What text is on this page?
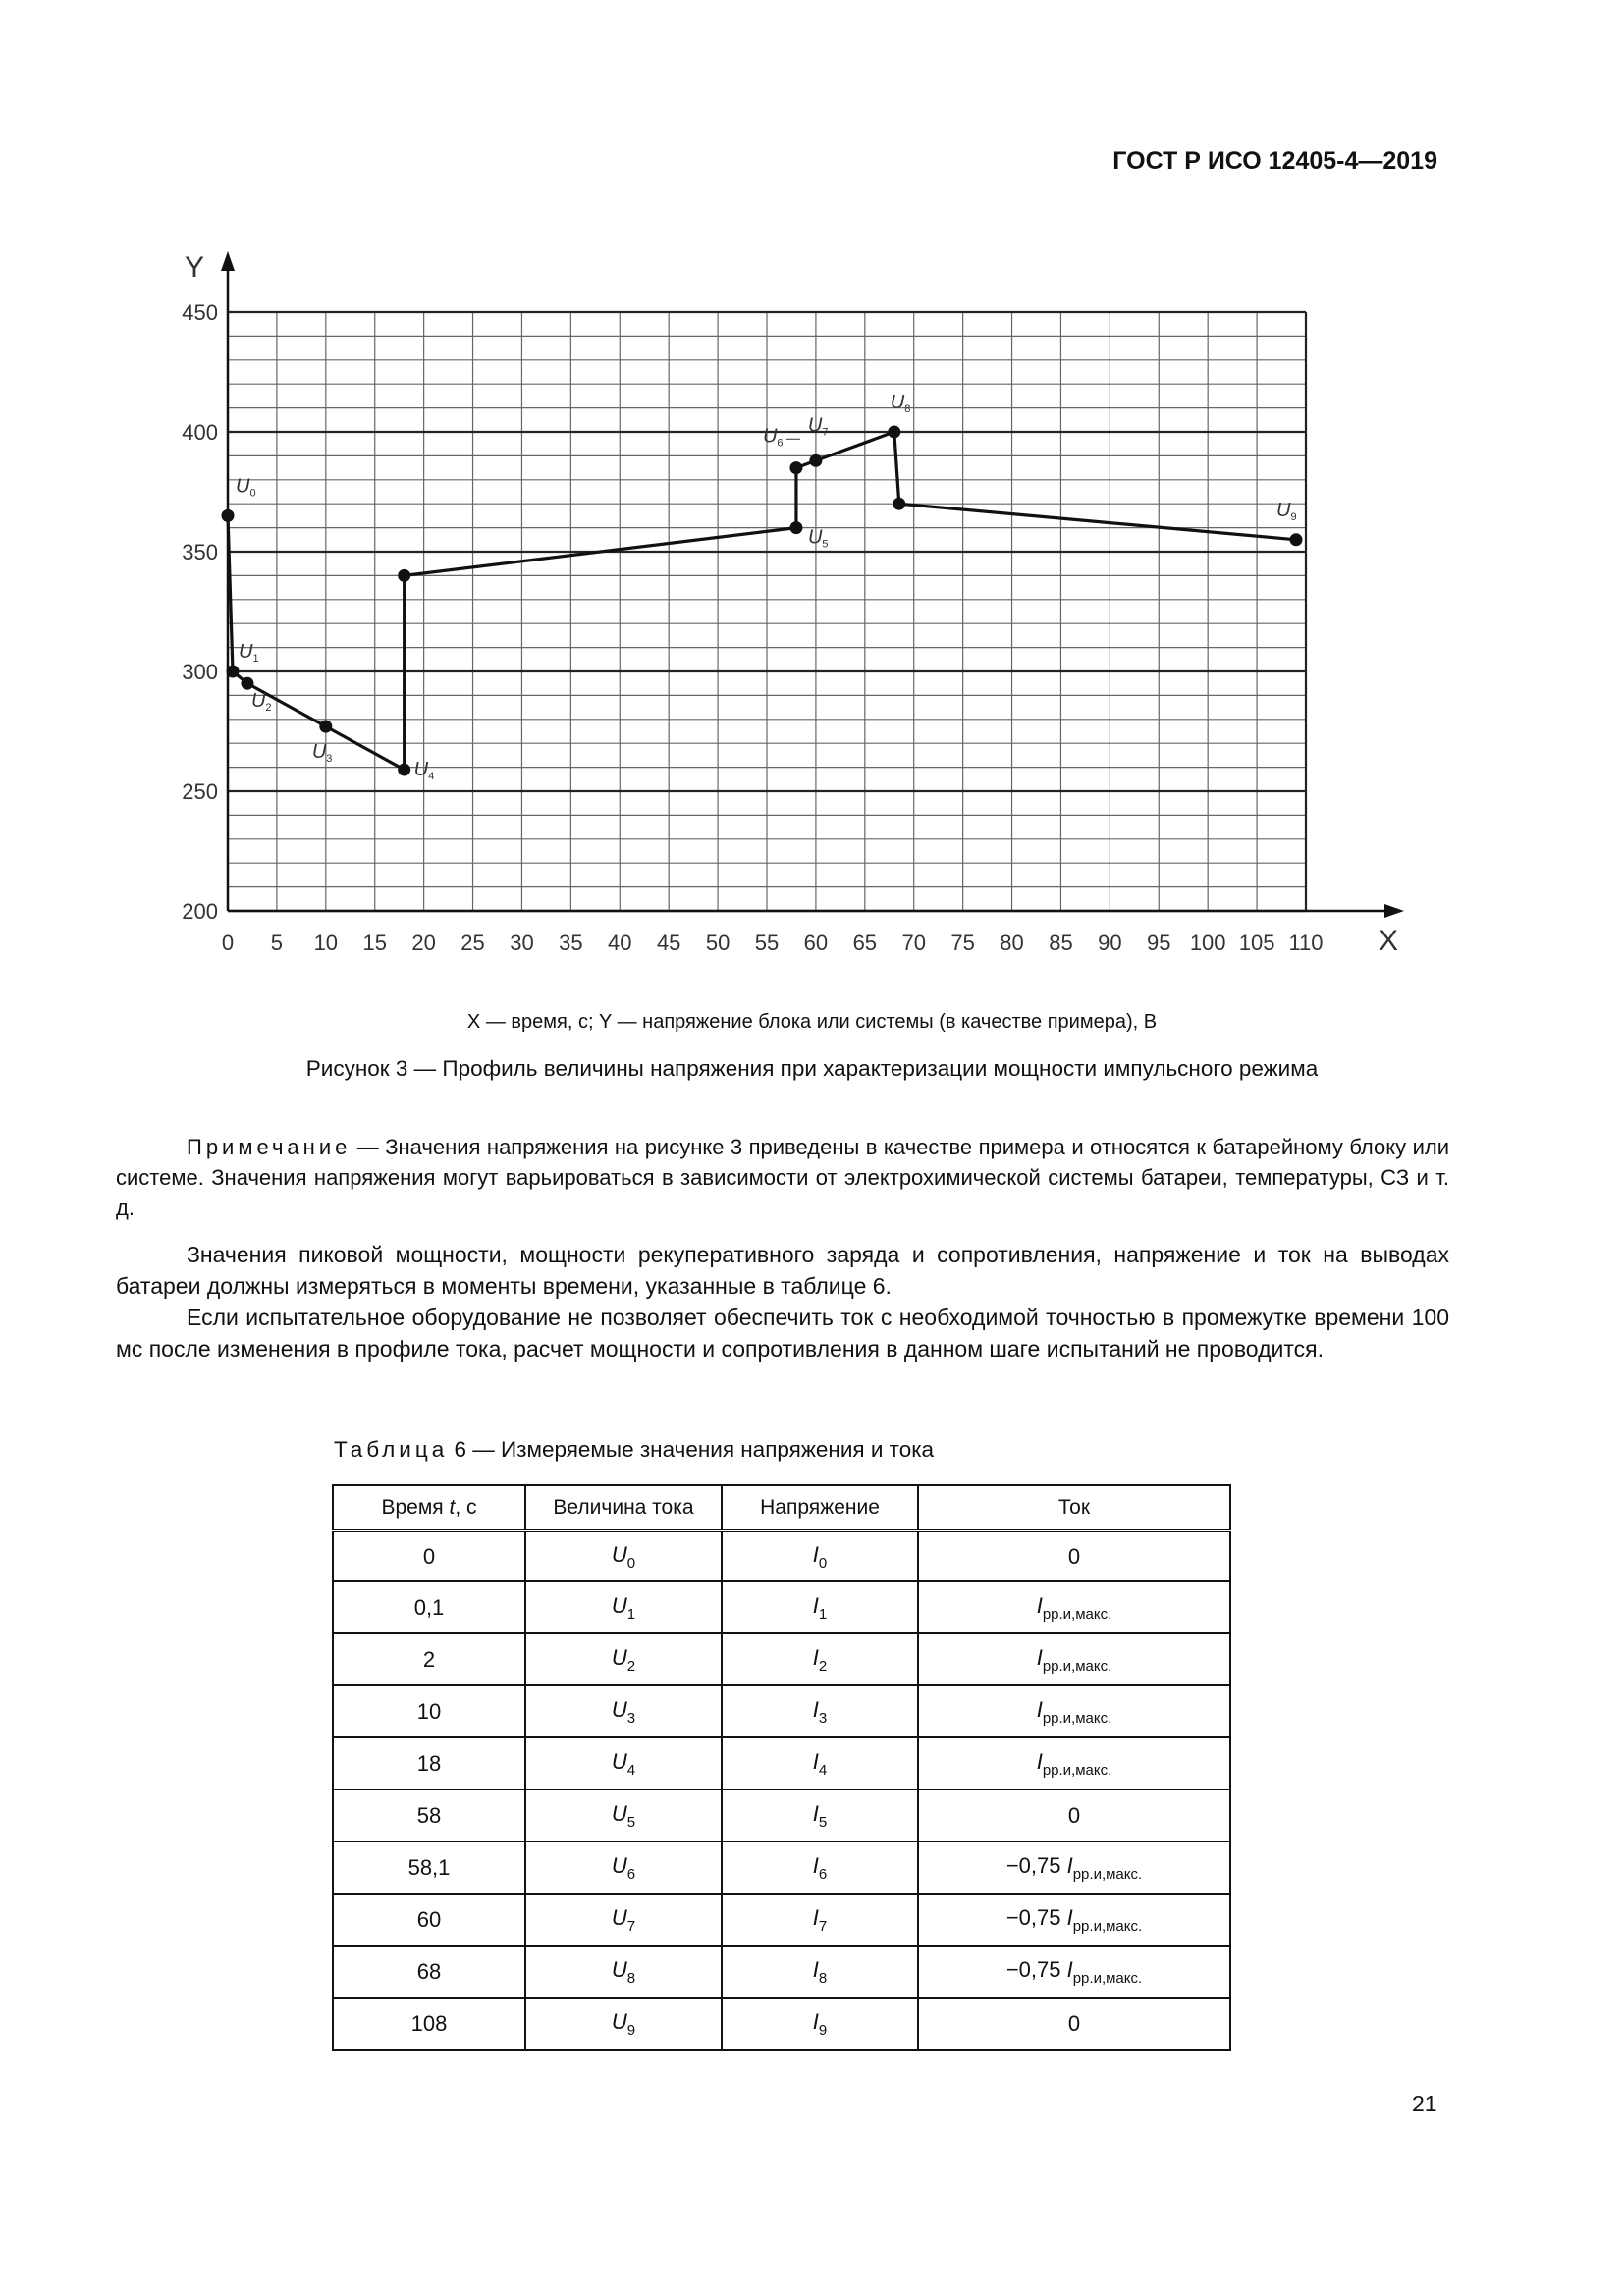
ГОСТ Р ИСО 12405-4—2019
X
Y
0 5 10 15 20 25 30 35 40 45 50 55 60 65 70 75 80 85 90 95 100 105 110
200
250
300
350
400
450
$U_0$
$U_1$
$U_2$
$U_3$	$U_4$
$U_5$
$U_6$
$U_7$
$U_8$
$U_9$
X — время, с; Y — напряжение блока или системы (в качестве примера), В
Рисунок 3 — Профиль величины напряжения при характеризации мощности импульсного режима
Примечание — Значения напряжения на рисунке 3 приведены в качестве примера и относятся к батарейному блоку или системе. Значения напряжения могут варьироваться в зависимости от электрохимической системы батареи, температуры, СЗ и т. д.
Значения пиковой мощности, мощности рекуперативного заряда и сопротивления, напряжение и ток на выводах батареи должны измеряться в моменты времени, указанные в таблице 6.
Если испытательное оборудование не позволяет обеспечить ток с необходимой точностью в промежутке времени 100 мс после изменения в профиле тока, расчет мощности и сопротивления в данном шаге испытаний не проводится.
Таблица 6 — Измеряемые значения напряжения и тока
Время t, с	Величина тока	Напряжение	Ток
0	$U_0$	$I_0$	0
0,1	$U_1$	$I_1$	$I_{рр.и,макс.}$
2	$U_2$	$I_2$	$I_{рр.и,макс.}$
10	$U_3$	$I_3$	$I_{рр.и,макс.}$
18	$U_4$	$I_4$	$I_{рр.и,макс.}$
58	$U_5$	$I_5$	0
58,1	$U_6$	$I_6$	−0,75 $I_{рр.и,макс.}$
60	$U_7$	$I_7$	−0,75 $I_{рр.и,макс.}$
68	$U_8$	$I_8$	−0,75 $I_{рр.и,макс.}$
108	$U_9$	$I_9$	0
21
